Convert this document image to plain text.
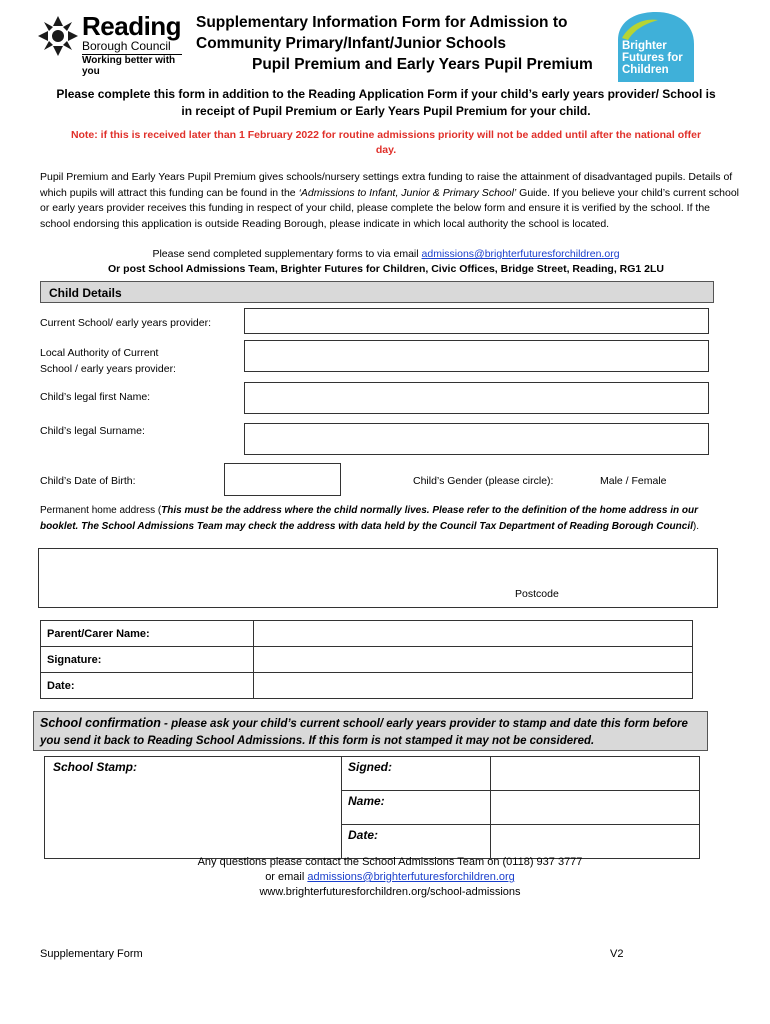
Reading
Borough Council
Working better with you
Supplementary Information Form for Admission to
Community Primary/Infant/Junior Schools

Pupil Premium and Early Years Pupil Premium
Brighter
Futures for
Children
Please complete this form in addition to the Reading Application Form if your child’s early years provider/ School is
in receipt of Pupil Premium or Early Years Pupil Premium for your child.
Note: if this is received later than 1 February 2022 for routine admissions priority will not be added until after the national offer
day.
Pupil Premium and Early Years Pupil Premium gives schools/nursery settings extra funding to raise the attainment of disadvantaged pupils. Details of which pupils will attract this funding can be found in the ‘Admissions to Infant, Junior & Primary School’ Guide. If you believe your child’s current school or early years provider receives this funding in respect of your child, please complete the below form and ensure it is verified by the school. If the school endorsing this application is outside Reading Borough, please indicate in which local authority the school is located.
Please send completed supplementary forms to via email admissions@brighterfuturesforchildren.org
Or post School Admissions Team, Brighter Futures for Children, Civic Offices, Bridge Street, Reading, RG1 2LU
Child Details
Current School/ early years provider:
Local Authority of Current
School / early years provider:
Child’s legal first Name:
Child’s legal Surname:
Child’s Date of Birth:	Child’s Gender (please circle):	Male / Female
Permanent home address (This must be the address where the child normally lives. Please refer to the definition of the home address in our booklet. The School Admissions Team may check the address with data held by the Council Tax Department of Reading Borough Council).
Postcode
Parent/Carer Name:	
Signature:	
Date:	
School confirmation - please ask your child’s current school/ early years provider to stamp and date this form before you send it back to Reading School Admissions. If this form is not stamped it may not be considered.
School Stamp:	Signed:	
	Name:	
	Date:	
Any questions please contact the School Admissions Team on (0118) 937 3777
or email admissions@brighterfuturesforchildren.org
www.brighterfuturesforchildren.org/school-admissions
Supplementary Form	V2
